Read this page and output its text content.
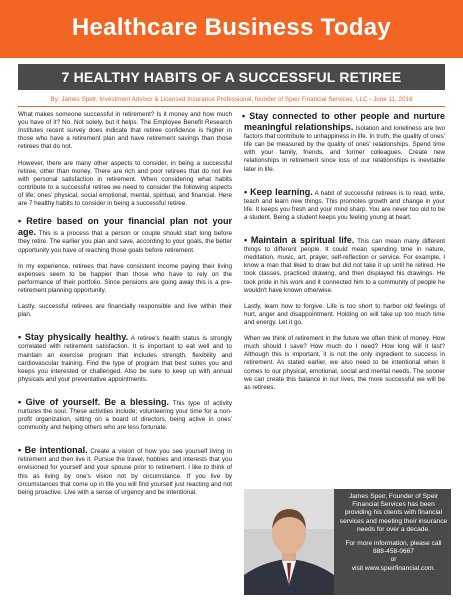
Healthcare Business Today
7 HEALTHY HABITS OF A SUCCESSFUL RETIREE
By: James Speir, Investment Advisor & Licensed Insurance Professional, founder of Speir Financial Services, LLC - June 11, 2016

What makes someone successful in retirement? Is it money and how much you have of it? No. Not solely, but it helps. The Employee Benefit Research Institutes recent survey does indicate that retiree confidence is higher in those who have a retirement plan and have retirement savings than those retirees that do not.

However, there are many other aspects to consider, in being a successful retiree, other than money. There are rich and poor retirees that do not live with personal satisfaction in retirement. When considering what habits contribute to a successful retiree we need to consider the following aspects of life; ones' physical, social emotional, mental, spiritual, and financial. Here are 7 healthy habits to consider in being a successful retiree.

• Retire based on your financial plan not your age. This is a process that a person or couple should start long before they retire. The earlier you plan and save, according to your goals, the better opportunity you have of reaching those goals before retirement.

In my experience, retirees that have consistent income paying their living expenses seem to be happier than those who have to rely on the performance of their portfolio. Since pensions are going away this is a pre-retirement planning opportunity.

Lastly, successful retirees are financially responsible and live within their plan.

• Stay physically healthy. A retiree's health status is strongly correlated with retirement satisfaction. It is important to eat well and to maintain an exercise program that includes strength, flexibility and cardiovascular training. Find the type of program that best suites you and keeps you interested or challenged. Also be sure to keep up with annual physicals and your preventative appointments.
• Give of yourself. Be a blessing. This type of activity nurtures the soul. These activities include; volunteering your time for a non-profit organization, sitting on a board of directors, being active in ones' community and helping others who are less fortunate.
• Be intentional. Create a vision of how you see yourself living in retirement and then live it. Pursue the travel, hobbies and interests that you envisioned for yourself and your spouse prior to retirement. I like to think of this as living by one's vision not by circumstance. If you live by circumstances that come up in life you will find yourself just reacting and not being proactive. Live with a sense of urgency and be intentional.
• Stay connected to other people and nurture meaningful relationships. Isolation and loneliness are two factors that contribute to unhappiness in life. In truth, the quality of ones' life can be measured by the quality of ones' relationships. Spend time with your family, friends, and former colleagues. Create new relationships in retirement since loss of our relationships is inevitable later in life.
• Keep learning. A habit of successful retirees is to read, write, teach and learn new things. This promotes growth and change in your life. It keeps you fresh and your mind sharp. You are never too old to be a student. Being a student keeps you feeling young at heart.
• Maintain a spiritual life. This can mean many different things to different people. It could mean spending time in nature, meditation, music, art, prayer, self-reflection or service. For example, I know a man that liked to draw but did not take it up until he retired. He took classes, practiced drawing, and then displayed his drawings. He took pride in his work and it connected him to a community of people he wouldn't have known otherwise.

Lastly, learn how to forgive. Life is too short to harbor old feelings of hurt, anger and disappointment. Holding on will take up too much time and energy. Let it go.

When we think of retirement in the future we often think of money. How much should I save? How much do I need? How long will it last? Although this is important, it is not the only ingredient to success in retirement. As stated earlier, we also need to be intentional when it comes to our physical, emotional, social and mental needs. The sooner we can create this balance in our lives, the more successful we will be as retirees.

James Speir, Founder of Speir Financial Services has been providing his clients with financial services and meeting their insurance needs for over a decade.

For more information, please call
888-458-0667
or
visit www.speirfinancial.com.
